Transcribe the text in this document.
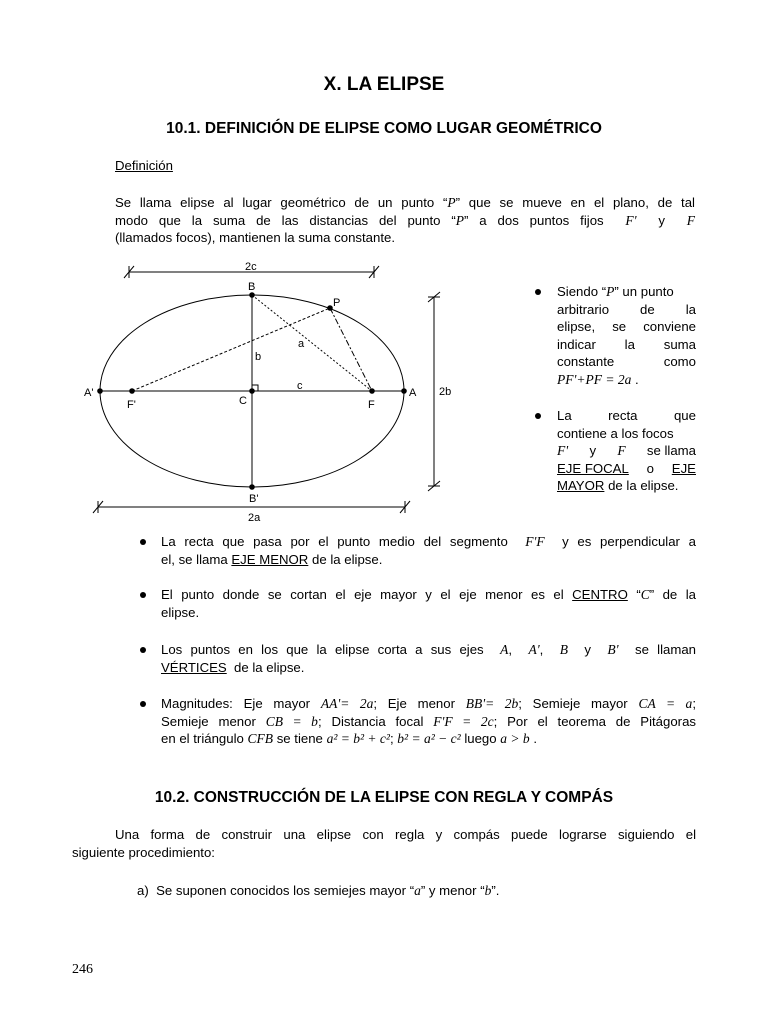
X. LA ELIPSE
10.1. DEFINICIÓN DE ELIPSE COMO LUGAR GEOMÉTRICO
Definición
Se llama elipse al lugar geométrico de un punto “P” que se mueve en el plano, de tal
modo que la suma de las distancias del punto “P” a dos puntos fijos F' y F
(llamados focos), mantienen la suma constante.
2c
2a
2b
B
B'
P
A'	A
F'	F
C
a
b
c
Siendo “P” un punto
arbitrario de la
elipse, se conviene
indicar la suma
constante	como
PF'+PF = 2a .
La	recta	que
contiene a los focos
F' y F se llama
EJE FOCAL o EJE
MAYOR de la elipse.
La recta que pasa por el punto medio del segmento F'F y es perpendicular a
el, se llama EJE MENOR de la elipse.
El punto donde se cortan el eje mayor y el eje menor es el CENTRO “C” de la
elipse.
Los puntos en los que la elipse corta a sus ejes A,  A',  B y B' se llaman
VÉRTICES de la elipse.
Magnitudes: Eje mayor AA'= 2a; Eje menor BB'= 2b; Semieje mayor CA = a;
Semieje menor CB = b; Distancia focal F'F = 2c; Por el teorema de Pitágoras
en el triángulo CFB se tiene a² = b² + c²; b² = a² − c² luego a > b .
10.2. CONSTRUCCIÓN DE LA ELIPSE CON REGLA Y COMPÁS
Una forma de construir una elipse con regla y compás puede lograrse siguiendo el
siguiente procedimiento:
a) Se suponen conocidos los semiejes mayor “a” y menor “b”.
246
